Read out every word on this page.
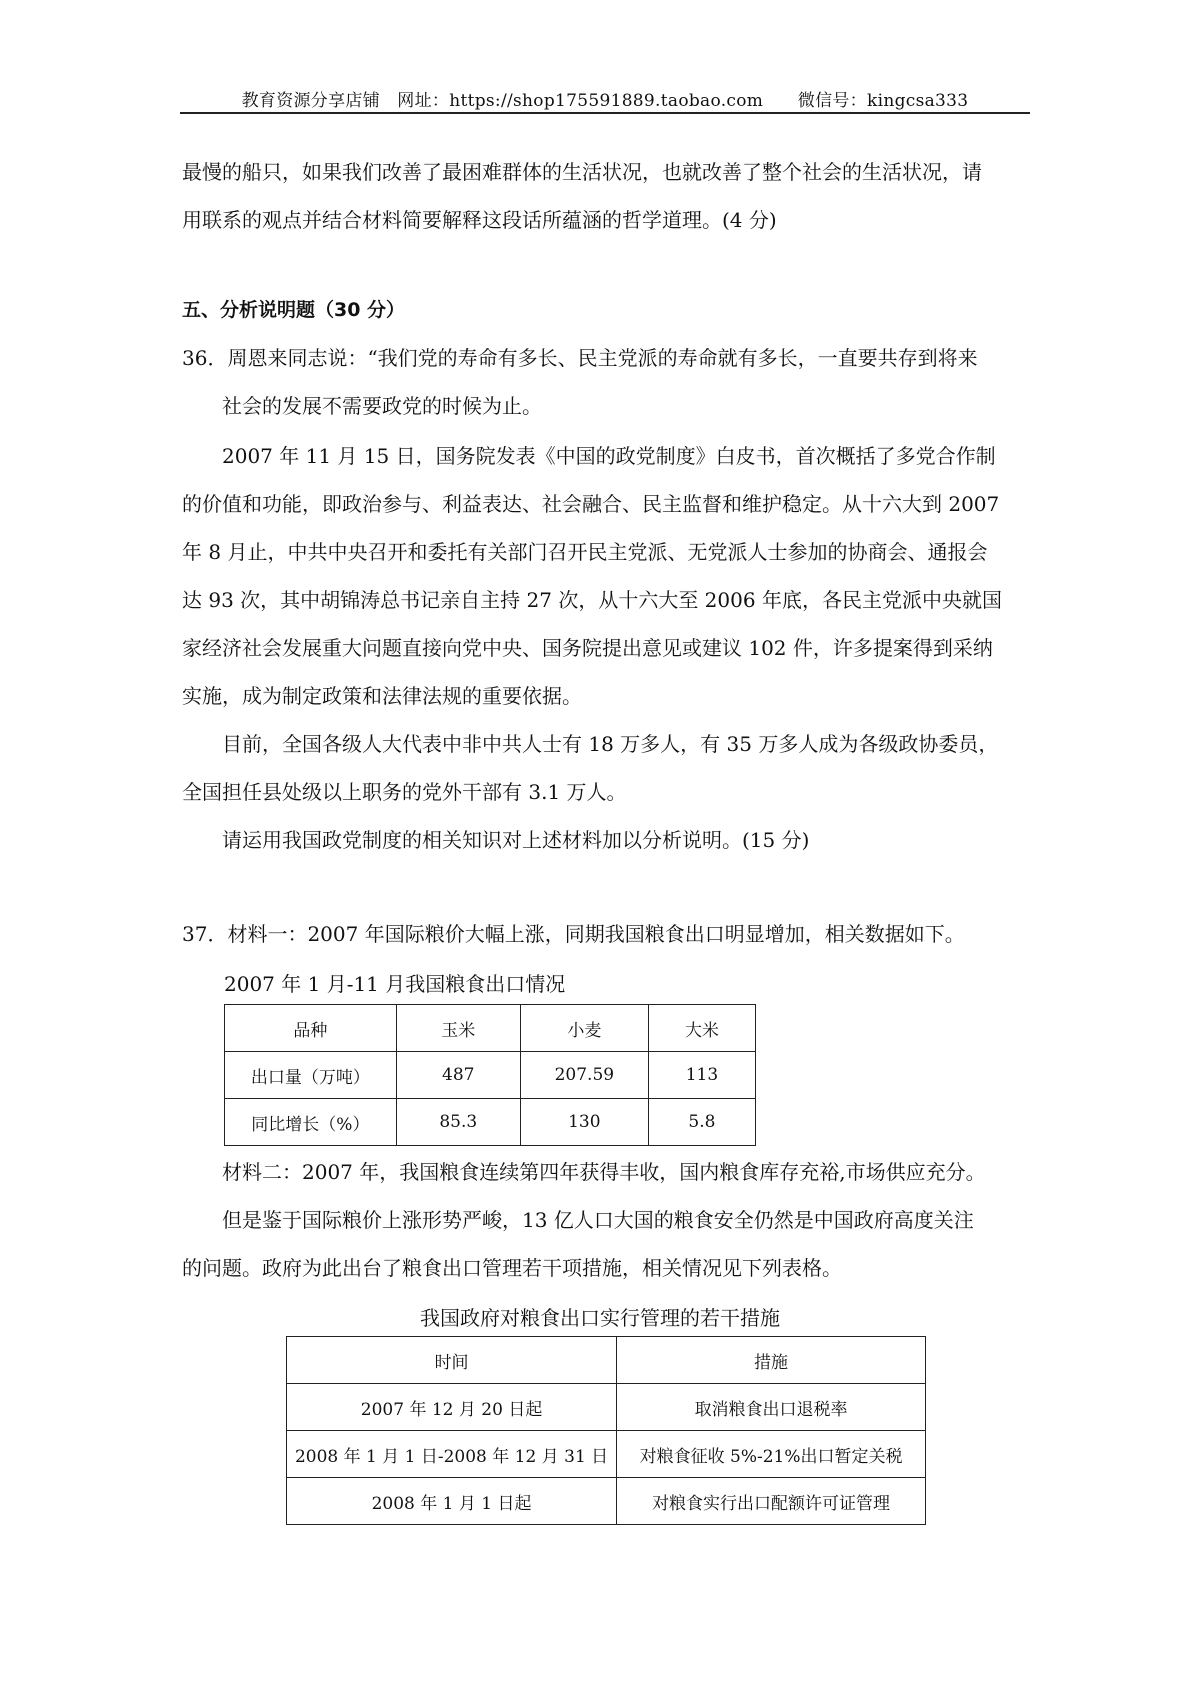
教育资源分享店铺　网址：https://shop175591889.taobao.com　　微信号：kingcsa333

最慢的船只，如果我们改善了最困难群体的生活状况，也就改善了整个社会的生活状况，请

用联系的观点并结合材料简要解释这段话所蕴涵的哲学道理。(4 分)

五、分析说明题（30 分）

36．周恩来同志说：“我们党的寿命有多长、民主党派的寿命就有多长，一直要共存到将来

社会的发展不需要政党的时候为止。

2007 年 11 月 15 日，国务院发表《中国的政党制度》白皮书，首次概括了多党合作制

的价值和功能，即政治参与、利益表达、社会融合、民主监督和维护稳定。从十六大到 2007

年 8 月止，中共中央召开和委托有关部门召开民主党派、无党派人士参加的协商会、通报会

达 93 次，其中胡锦涛总书记亲自主持 27 次，从十六大至 2006 年底，各民主党派中央就国

家经济社会发展重大问题直接向党中央、国务院提出意见或建议 102 件，许多提案得到采纳

实施，成为制定政策和法律法规的重要依据。

目前，全国各级人大代表中非中共人士有 18 万多人，有 35 万多人成为各级政协委员，

全国担任县处级以上职务的党外干部有 3.1 万人。

请运用我国政党制度的相关知识对上述材料加以分析说明。(15 分)

37．材料一：2007 年国际粮价大幅上涨，同期我国粮食出口明显增加，相关数据如下。

2007 年 1 月-11 月我国粮食出口情况
品种	玉米	小麦	大米
出口量（万吨）	487	207.59	113
同比增长（%）	85.3	130	5.8

材料二：2007 年，我国粮食连续第四年获得丰收，国内粮食库存充裕,市场供应充分。

但是鉴于国际粮价上涨形势严峻，13 亿人口大国的粮食安全仍然是中国政府高度关注

的问题。政府为此出台了粮食出口管理若干项措施，相关情况见下列表格。

我国政府对粮食出口实行管理的若干措施
时间	措施
2007 年 12 月 20 日起	取消粮食出口退税率
2008 年 1 月 1 日-2008 年 12 月 31 日	对粮食征收 5%-21%出口暂定关税
2008 年 1 月 1 日起	对粮食实行出口配额许可证管理
